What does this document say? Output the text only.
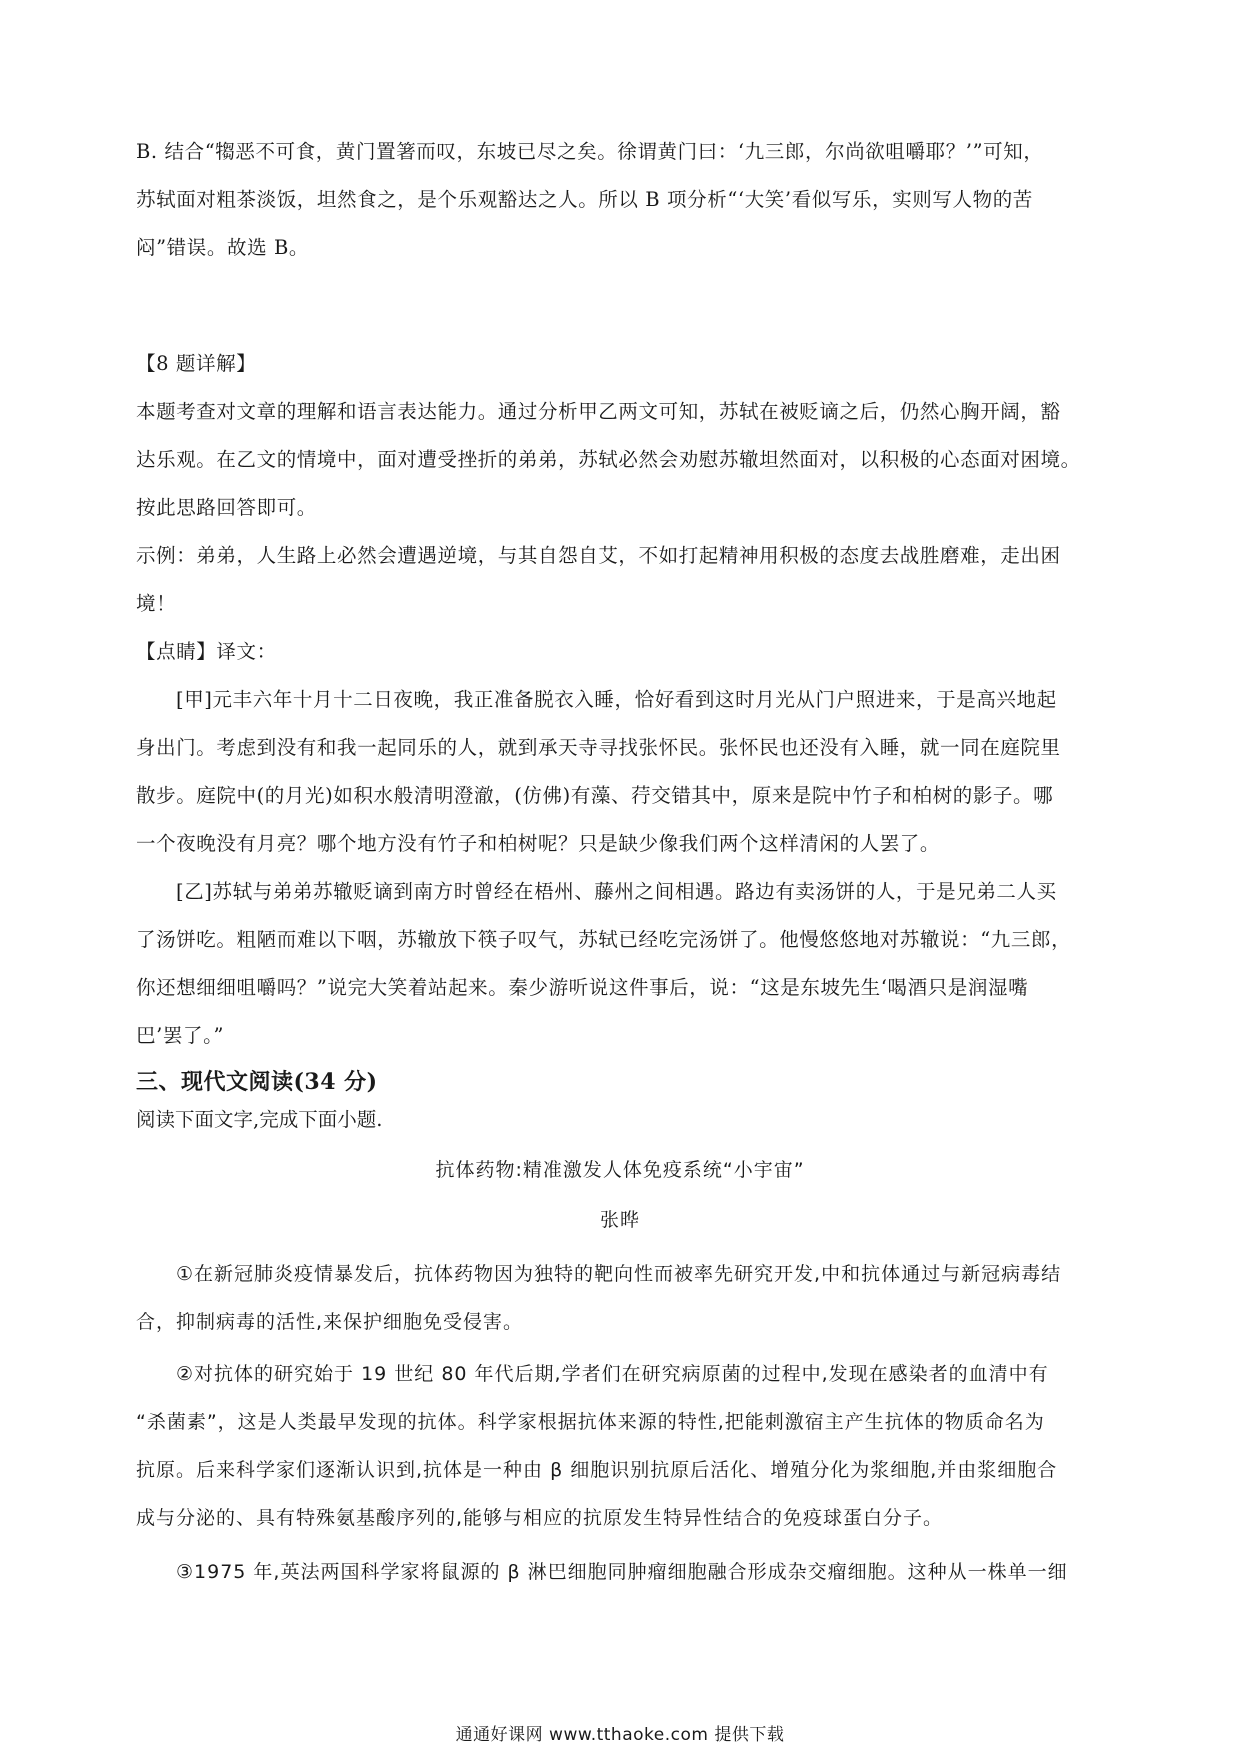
B. 结合“犓恶不可食，黄门置箸而叹，东坡已尽之矣。徐谓黄门曰：‘九三郎，尔尚欲咀嚼耶？’”可知，
苏轼面对粗茶淡饭，坦然食之，是个乐观豁达之人。所以 B 项分析“‘大笑’看似写乐，实则写人物的苦
闷”错误。故选 B。
【8 题详解】
本题考查对文章的理解和语言表达能力。通过分析甲乙两文可知，苏轼在被贬谪之后，仍然心胸开阔，豁
达乐观。在乙文的情境中，面对遭受挫折的弟弟，苏轼必然会劝慰苏辙坦然面对，以积极的心态面对困境。
按此思路回答即可。
示例：弟弟，人生路上必然会遭遇逆境，与其自怨自艾，不如打起精神用积极的态度去战胜磨难，走出困
境！
【点睛】译文：
[甲]元丰六年十月十二日夜晚，我正准备脱衣入睡，恰好看到这时月光从门户照进来，于是高兴地起
身出门。考虑到没有和我一起同乐的人，就到承天寺寻找张怀民。张怀民也还没有入睡，就一同在庭院里
散步。庭院中(的月光)如积水般清明澄澈，(仿佛)有藻、荇交错其中，原来是院中竹子和柏树的影子。哪
一个夜晚没有月亮？哪个地方没有竹子和柏树呢？只是缺少像我们两个这样清闲的人罢了。
[乙]苏轼与弟弟苏辙贬谪到南方时曾经在梧州、藤州之间相遇。路边有卖汤饼的人，于是兄弟二人买
了汤饼吃。粗陋而难以下咽，苏辙放下筷子叹气，苏轼已经吃完汤饼了。他慢悠悠地对苏辙说：“九三郎，
你还想细细咀嚼吗？”说完大笑着站起来。秦少游听说这件事后，说：“这是东坡先生‘喝酒只是润湿嘴
巴’罢了。”
三、现代文阅读(34 分)
阅读下面文字,完成下面小题.
抗体药物:精准激发人体免疫系统“小宇宙”
张晔
①在新冠肺炎疫情暴发后，抗体药物因为独特的靶向性而被率先研究开发,中和抗体通过与新冠病毒结
合，抑制病毒的活性,来保护细胞免受侵害。
②对抗体的研究始于 19 世纪 80 年代后期,学者们在研究病原菌的过程中,发现在感染者的血清中有
“杀菌素”，这是人类最早发现的抗体。科学家根据抗体来源的特性,把能刺激宿主产生抗体的物质命名为
抗原。后来科学家们逐渐认识到,抗体是一种由 β 细胞识别抗原后活化、增殖分化为浆细胞,并由浆细胞合
成与分泌的、具有特殊氨基酸序列的,能够与相应的抗原发生特异性结合的免疫球蛋白分子。
③1975 年,英法两国科学家将鼠源的 β 淋巴细胞同肿瘤细胞融合形成杂交瘤细胞。这种从一株单一细
通通好课网 www.tthaoke.com 提供下载
